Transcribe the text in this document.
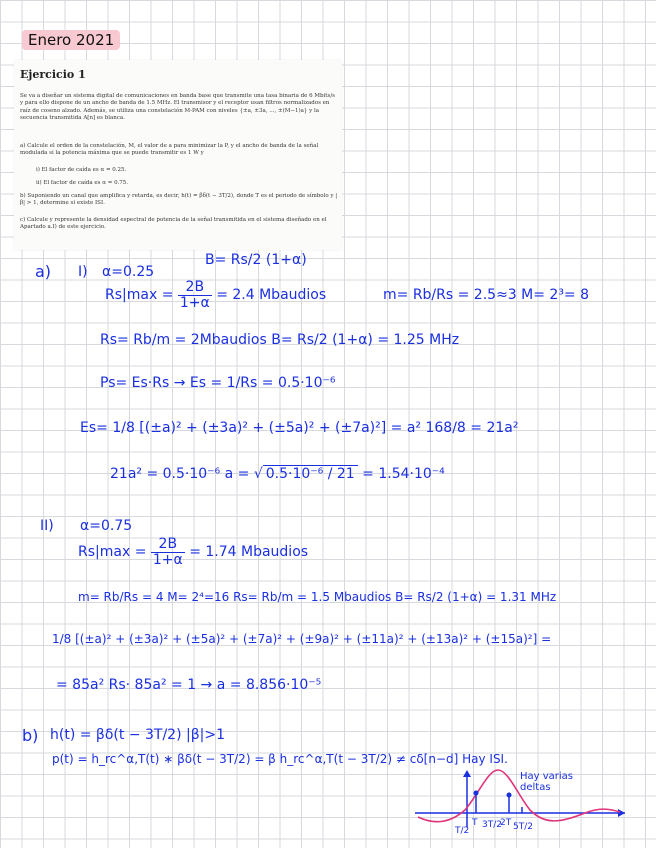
Enero 2021
Ejercicio 1
Se va a diseñar un sistema digital de comunicaciones en banda base que transmite una tasa binaria de 6 Mbits/s y para ello dispone de un ancho de banda de 1.5 MHz. El transmisor y el receptor usan filtros normalizados en raíz de coseno alzado. Además, se utiliza una constelación M-PAM con niveles {±a, ±3a, ..., ±(M−1)a} y la secuencia transmitida A[n] es blanca.
a) Calcule el orden de la constelación, M, el valor de a para minimizar la P, y el ancho de banda de la señal modulada si la potencia máxima que se puede transmitir es 1 W y
i) El factor de caída es α = 0.25.
ii) El factor de caída es α = 0.75.
b) Suponiendo un canal que amplifica y retarda, es decir, h(t) = βδ(t − 3T/2), donde T es el periodo de símbolo y |β| > 1, determine si existe ISI.
c) Calcule y represente la densidad espectral de potencia de la señal transmitida en el sistema diseñado en el Apartado a.I) de este ejercicio.
a) I) α=0.25
B= Rs/2 (1+α)
$Rs|\max = \frac{2B}{1+\alpha} = 2.4$ Mbaudios	m= Rb/Rs = 2.5≈3 M= 2³= 8
Rs= Rb/m = 2Mbaudios B= Rs/2 (1+α) = 1.25 MHz
Ps= Es·Rs → Es = 1/Rs = 0.5·10⁻⁶
Es= 1/8 [(±a)² + (±3a)² + (±5a)² + (±7a)²] = a² 168/8 = 21a²
21a² = 0.5·10⁻⁶ a = √ 0.5·10⁻⁶ / 21 = 1.54·10⁻⁴
II) α=0.75
$Rs|\max = \frac{2B}{1+\alpha} = 1.74$ Mbaudios
m= Rb/Rs = 4 M= 2⁴=16 Rs= Rb/m = 1.5 Mbaudios B= Rs/2 (1+α) = 1.31 MHz
1/8 [(±a)² + (±3a)² + (±5a)² + (±7a)² + (±9a)² + (±11a)² + (±13a)² + (±15a)²] =
= 85a² Rs· 85a² = 1 → a = 8.856·10⁻⁵
b) h(t) = βδ(t − 3T/2) |β|>1
p(t) = h_rc^α,T(t) ∗ βδ(t − 3T/2) = β h_rc^α,T(t − 3T/2) ≠ cδ[n−d] Hay ISI.
Hay varias deltas
T/2
T 3T/2
2T 5T/2
